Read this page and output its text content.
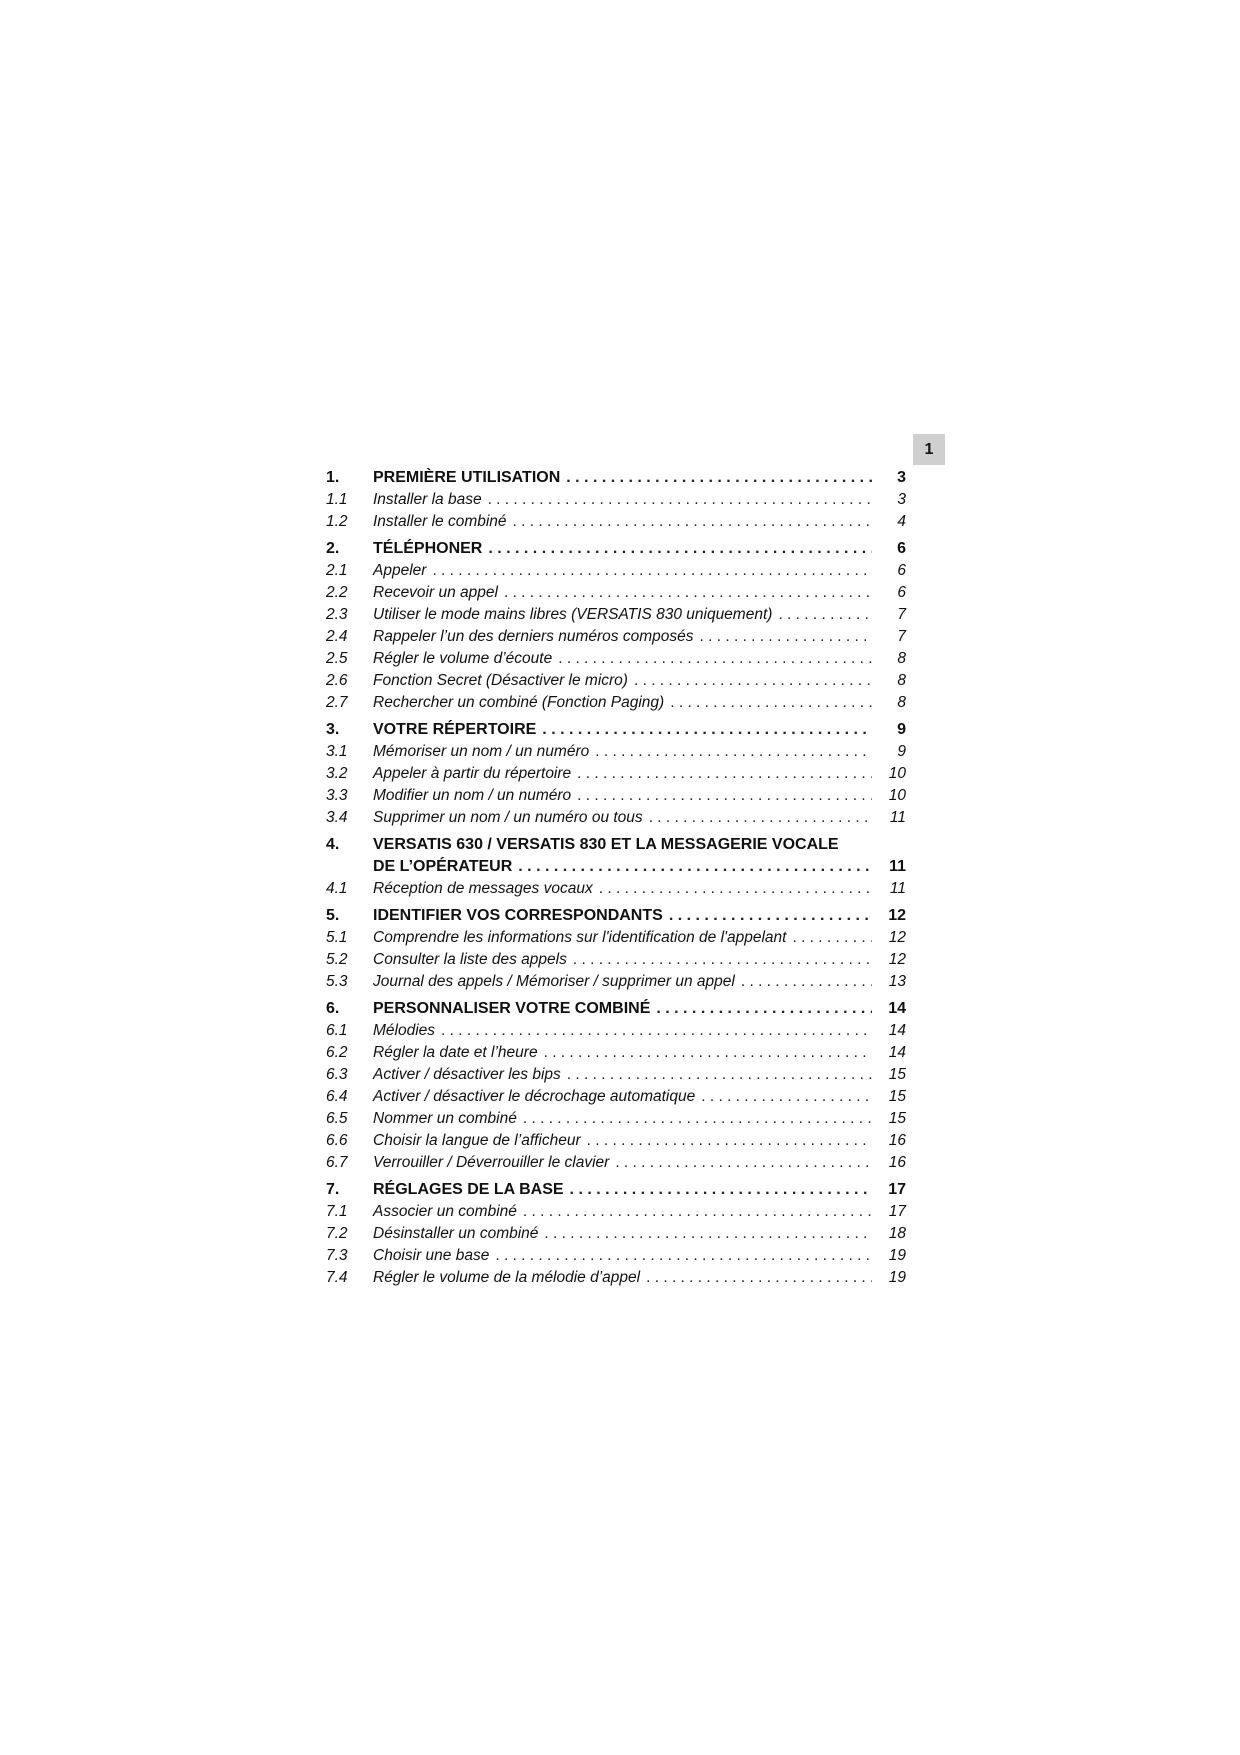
1
1.	PREMIÈRE UTILISATION . . .	3
1.1	Installer la base . . .	3
1.2	Installer le combiné . . .	4
2.	TÉLÉPHONER . . .	6
2.1	Appeler . . .	6
2.2	Recevoir un appel . . .	6
2.3	Utiliser le mode mains libres (VERSATIS 830 uniquement) . . .	7
2.4	Rappeler l’un des derniers numéros composés . . .	7
2.5	Régler le volume d’écoute . . .	8
2.6	Fonction Secret (Désactiver le micro) . . .	8
2.7	Rechercher un combiné (Fonction Paging) . . .	8
3.	VOTRE RÉPERTOIRE . . .	9
3.1	Mémoriser un nom / un numéro . . .	9
3.2	Appeler à partir du répertoire . . .	10
3.3	Modifier un nom / un numéro . . .	10
3.4	Supprimer un nom / un numéro ou tous . . .	11
4.	VERSATIS 630 / VERSATIS 830 ET LA MESSAGERIE VOCALE
DE L’OPÉRATEUR . . .	11
4.1	Réception de messages vocaux . . .	11
5.	IDENTIFIER VOS CORRESPONDANTS . . .	12
5.1	Comprendre les informations sur l'identification de l'appelant . . .	12
5.2	Consulter la liste des appels . . .	12
5.3	Journal des appels / Mémoriser / supprimer un appel . . .	13
6.	PERSONNALISER VOTRE COMBINÉ . . .	14
6.1	Mélodies . . .	14
6.2	Régler la date et l’heure . . .	14
6.3	Activer / désactiver les bips . . .	15
6.4	Activer / désactiver le décrochage automatique . . .	15
6.5	Nommer un combiné . . .	15
6.6	Choisir la langue de l’afficheur . . .	16
6.7	Verrouiller / Déverrouiller le clavier . . .	16
7.	RÉGLAGES DE LA BASE . . .	17
7.1	Associer un combiné . . .	17
7.2	Désinstaller un combiné . . .	18
7.3	Choisir une base . . .	19
7.4	Régler le volume de la mélodie d’appel . . .	19
